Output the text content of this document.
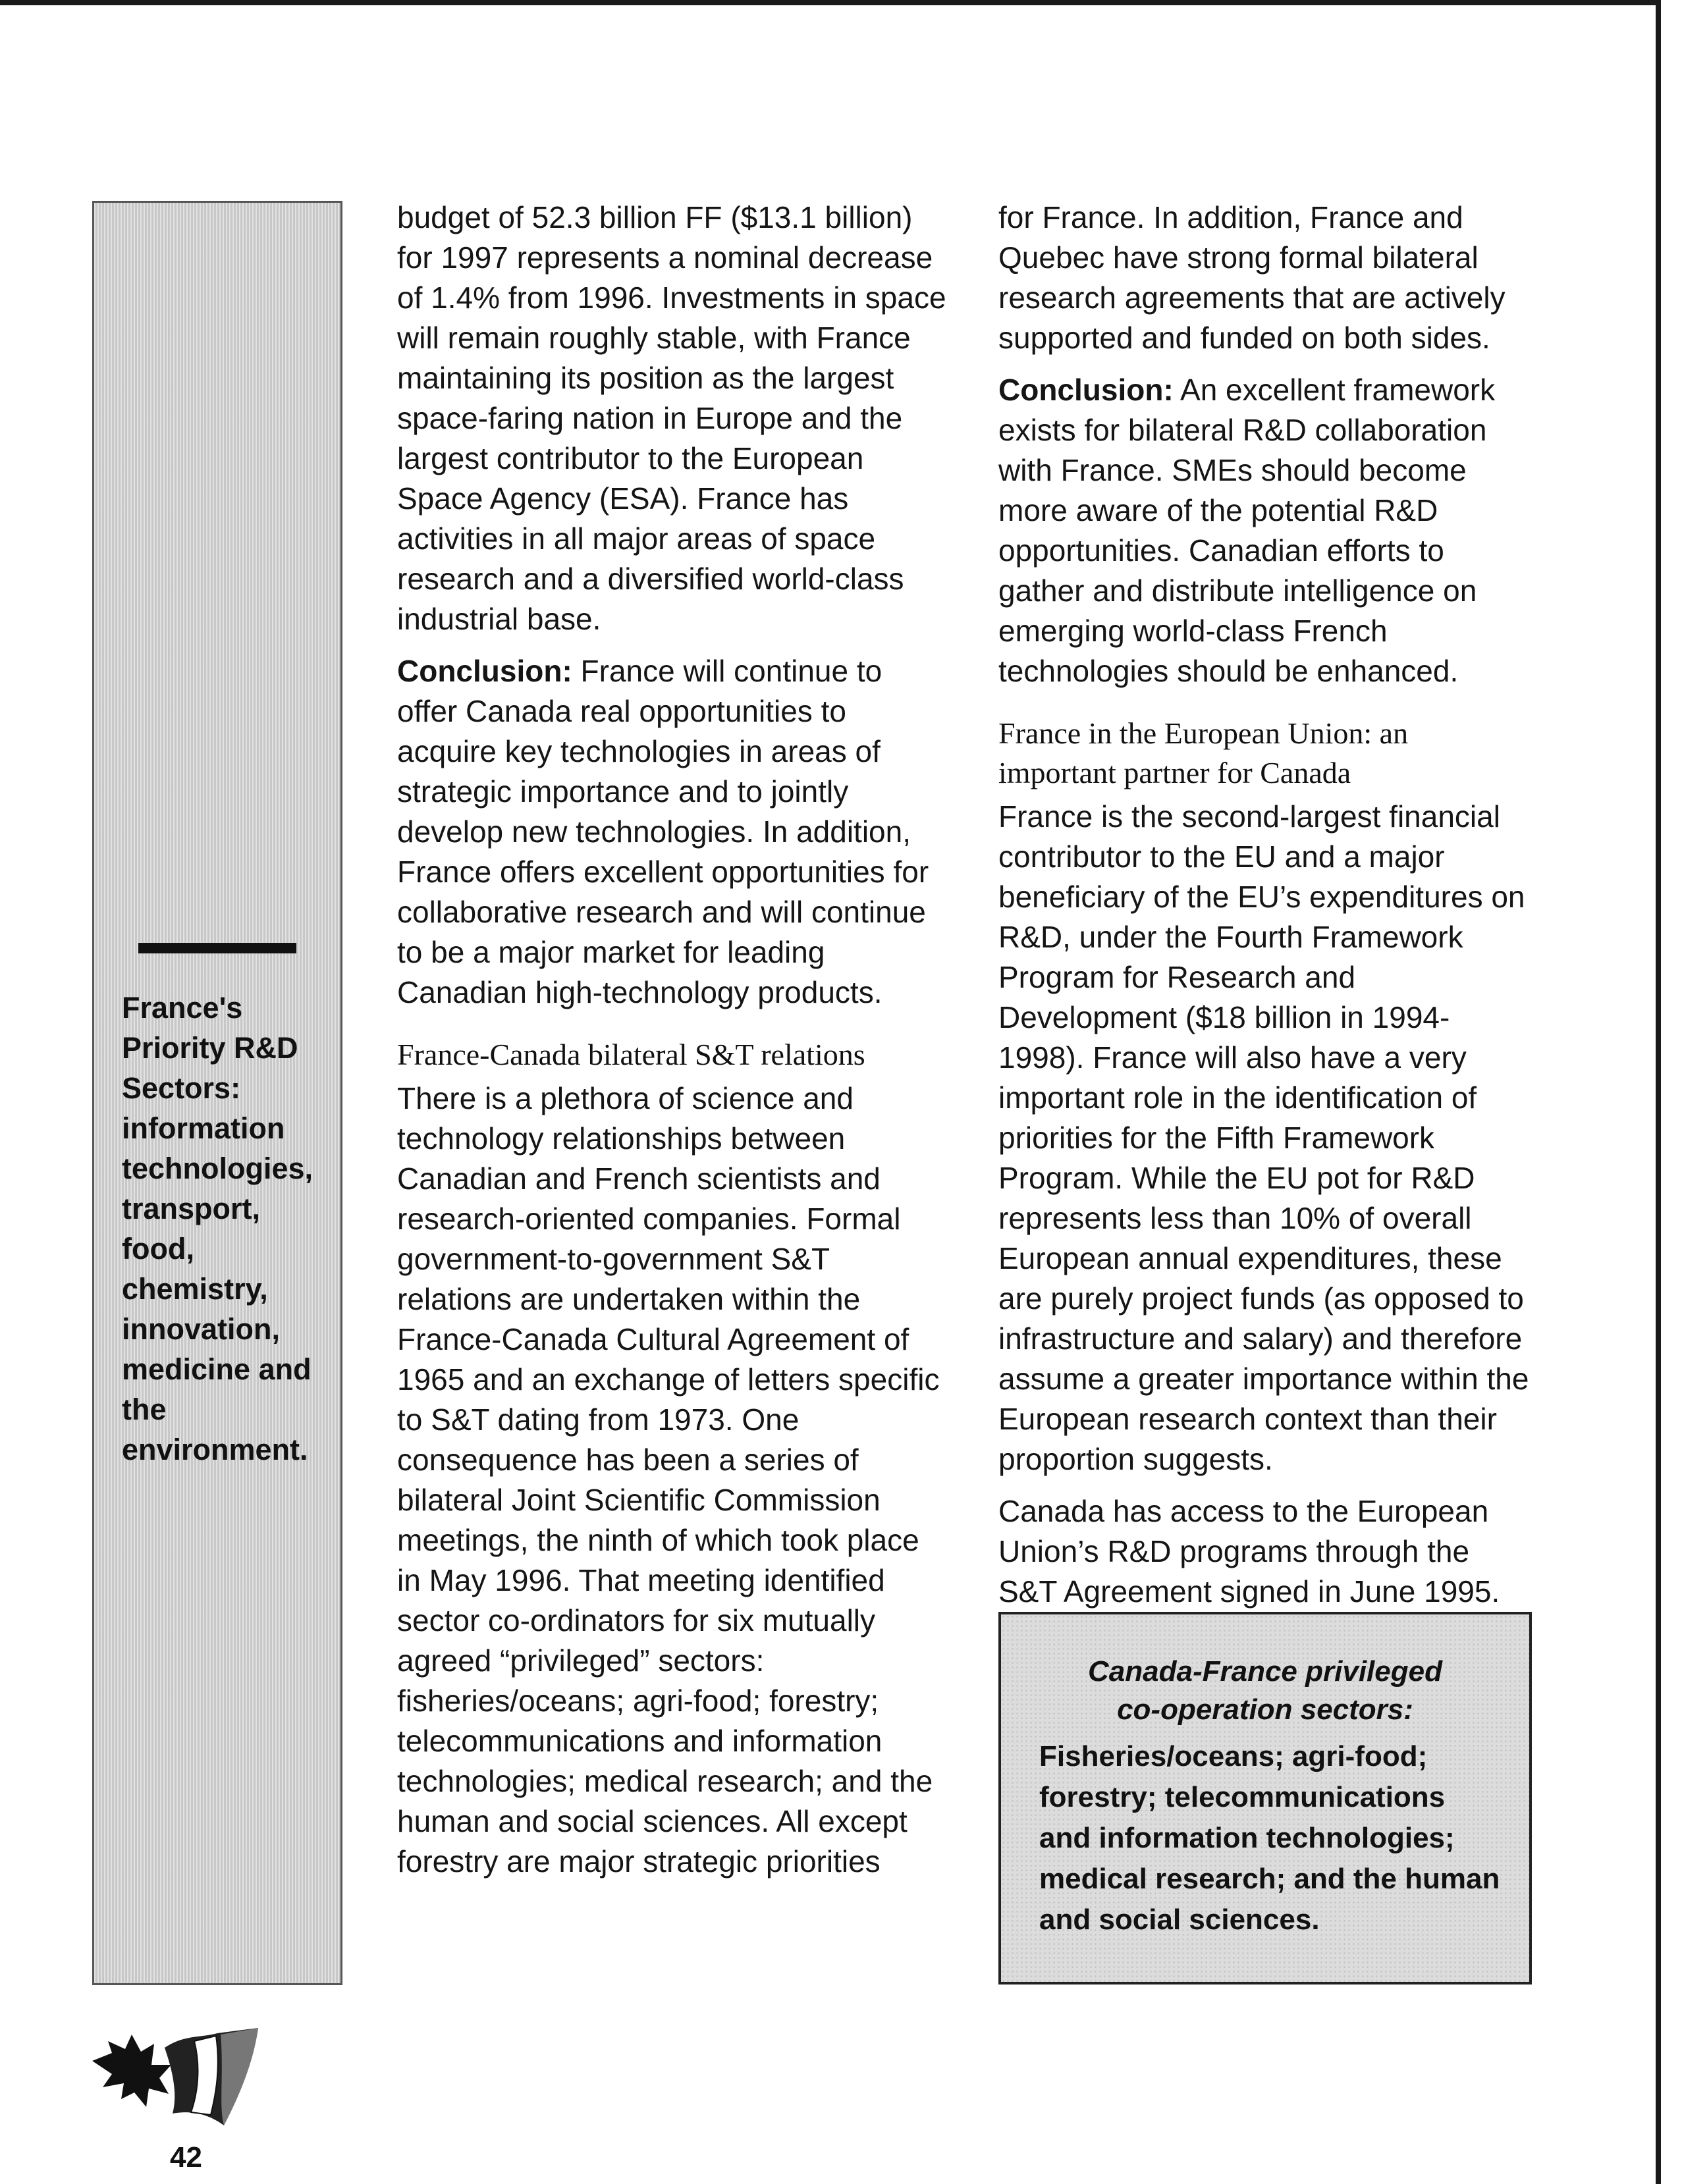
France's Priority R&D Sectors: information technologies, transport, food, chemistry, innovation, medicine and the environment.

budget of 52.3 billion FF ($13.1 billion) for 1997 represents a nominal decrease of 1.4% from 1996. Investments in space will remain roughly stable, with France maintaining its position as the largest space-faring nation in Europe and the largest contributor to the European Space Agency (ESA). France has activities in all major areas of space research and a diversified world-class industrial base.

Conclusion: France will continue to offer Canada real opportunities to acquire key technologies in areas of strategic importance and to jointly develop new technologies. In addition, France offers excellent opportunities for collaborative research and will continue to be a major market for leading Canadian high-technology products.

France-Canada bilateral S&T relations

There is a plethora of science and technology relationships between Canadian and French scientists and research-oriented companies. Formal government-to-government S&T relations are undertaken within the France-Canada Cultural Agreement of 1965 and an exchange of letters specific to S&T dating from 1973. One consequence has been a series of bilateral Joint Scientific Commission meetings, the ninth of which took place in May 1996. That meeting identified sector co-ordinators for six mutually agreed “privileged” sectors: fisheries/oceans; agri-food; forestry; telecommunications and information technologies; medical research; and the human and social sciences. All except forestry are major strategic priorities

for France. In addition, France and Quebec have strong formal bilateral research agreements that are actively supported and funded on both sides.

Conclusion: An excellent framework exists for bilateral R&D collaboration with France. SMEs should become more aware of the potential R&D opportunities. Canadian efforts to gather and distribute intelligence on emerging world-class French technologies should be enhanced.

France in the European Union: an important partner for Canada

France is the second-largest financial contributor to the EU and a major beneficiary of the EU’s expenditures on R&D, under the Fourth Framework Program for Research and Development ($18 billion in 1994-1998). France will also have a very important role in the identification of priorities for the Fifth Framework Program. While the EU pot for R&D represents less than 10% of overall European annual expenditures, these are purely project funds (as opposed to infrastructure and salary) and therefore assume a greater importance within the European research context than their proportion suggests.

Canada has access to the European Union’s R&D programs through the S&T Agreement signed in June 1995.

Canada-France privileged
co-operation sectors:
Fisheries/oceans; agri-food; forestry; telecommunications and information technologies; medical research; and the human and social sciences.
42
